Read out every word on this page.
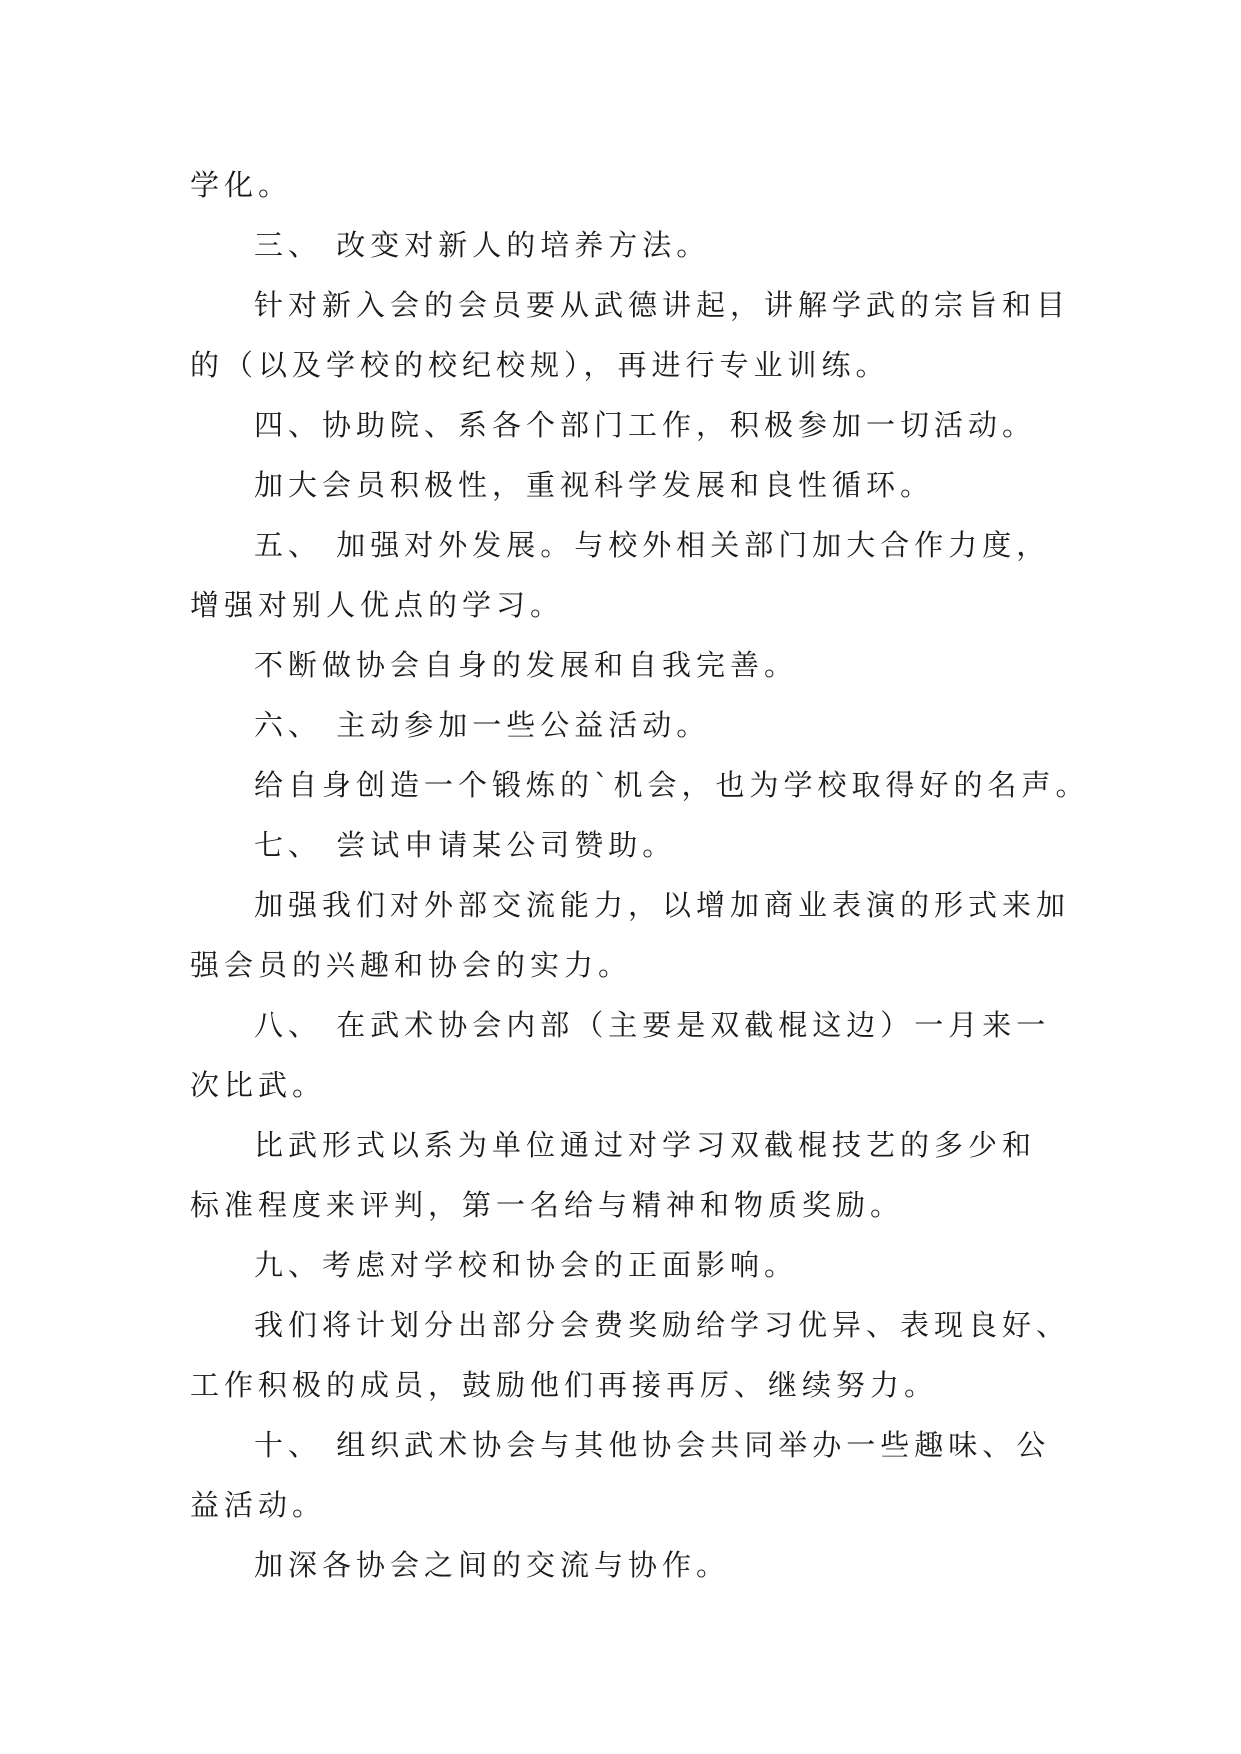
学化。
三、 改变对新人的培养方法。
针对新入会的会员要从武德讲起，讲解学武的宗旨和目
的（以及学校的校纪校规），再进行专业训练。
四、协助院、系各个部门工作，积极参加一切活动。
加大会员积极性，重视科学发展和良性循环。
五、 加强对外发展。与校外相关部门加大合作力度，
增强对别人优点的学习。
不断做协会自身的发展和自我完善。
六、 主动参加一些公益活动。
给自身创造一个锻炼的`机会，也为学校取得好的名声。
七、 尝试申请某公司赞助。
加强我们对外部交流能力，以增加商业表演的形式来加
强会员的兴趣和协会的实力。
八、 在武术协会内部（主要是双截棍这边）一月来一
次比武。
比武形式以系为单位通过对学习双截棍技艺的多少和
标准程度来评判，第一名给与精神和物质奖励。
九、考虑对学校和协会的正面影响。
我们将计划分出部分会费奖励给学习优异、表现良好、
工作积极的成员，鼓励他们再接再厉、继续努力。
十、 组织武术协会与其他协会共同举办一些趣味、公
益活动。
加深各协会之间的交流与协作。
